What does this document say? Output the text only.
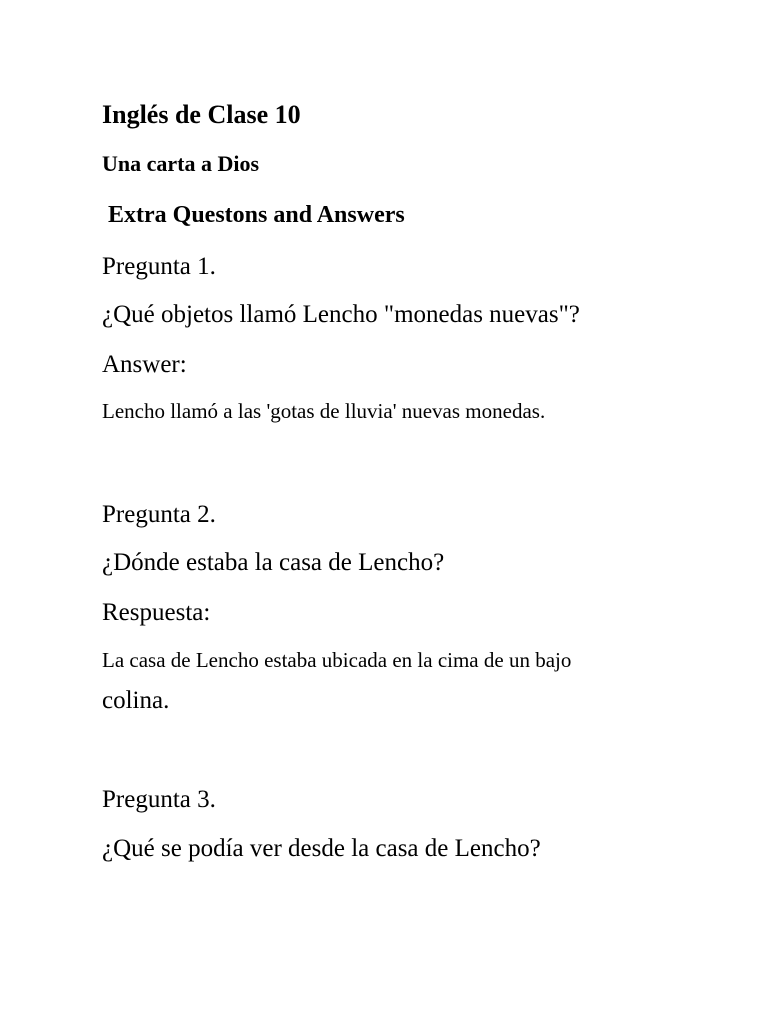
Inglés de Clase 10
Una carta a Dios
Extra Questons and Answers
Pregunta 1.
¿Qué objetos llamó Lencho "monedas nuevas"?
Answer:
Lencho llamó a las 'gotas de lluvia' nuevas monedas.
Pregunta 2.
¿Dónde estaba la casa de Lencho?
Respuesta:
La casa de Lencho estaba ubicada en la cima de un bajo
colina.
Pregunta 3.
¿Qué se podía ver desde la casa de Lencho?
